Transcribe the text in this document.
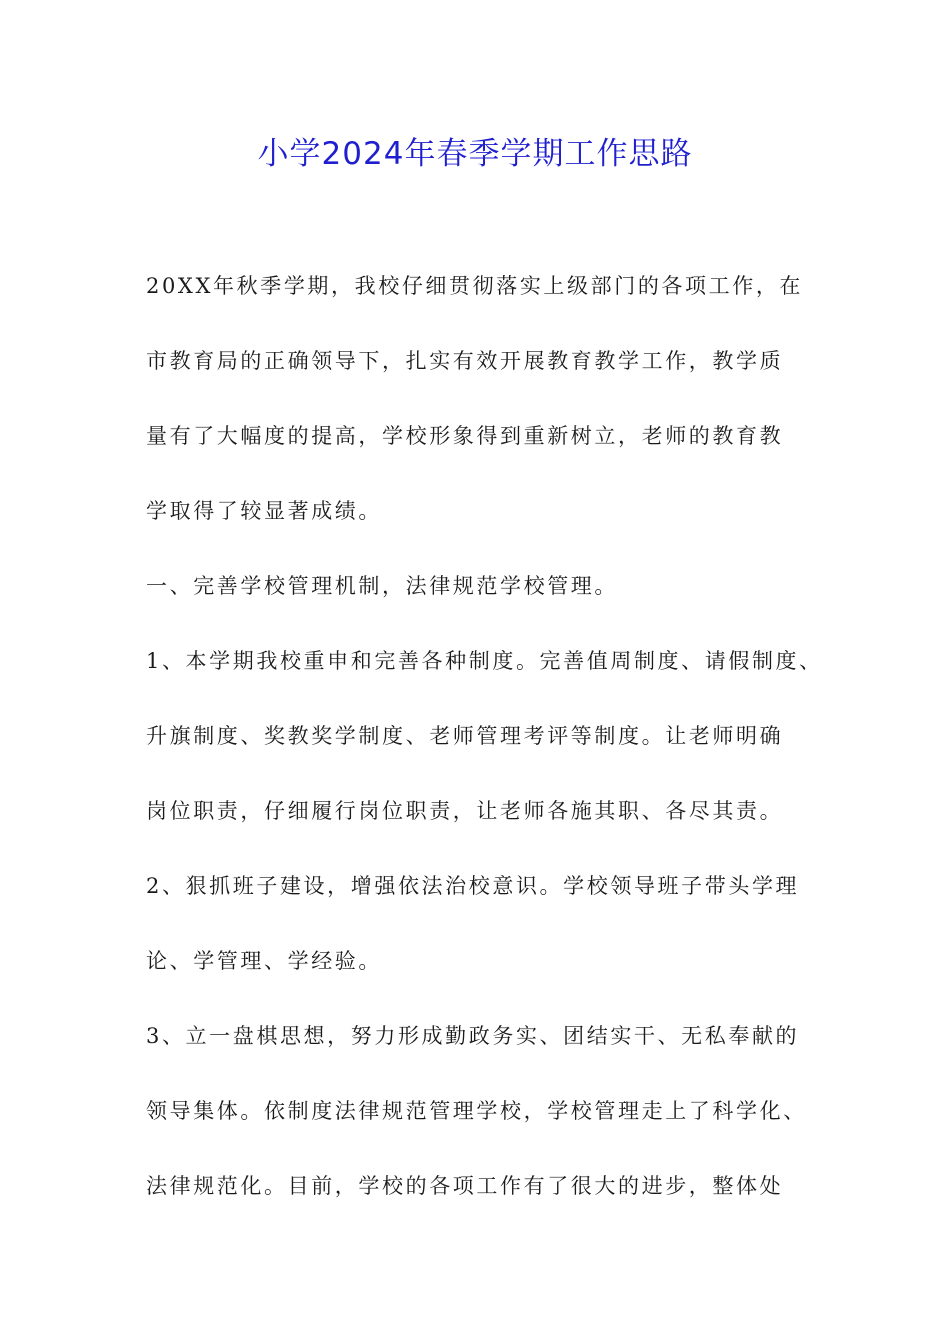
小学2024年春季学期工作思路

20XX年秋季学期，我校仔细贯彻落实上级部门的各项工作，在

市教育局的正确领导下，扎实有效开展教育教学工作，教学质

量有了大幅度的提高，学校形象得到重新树立，老师的教育教

学取得了较显著成绩。

一、完善学校管理机制，法律规范学校管理。

1、本学期我校重申和完善各种制度。完善值周制度、请假制度、

升旗制度、奖教奖学制度、老师管理考评等制度。让老师明确

岗位职责，仔细履行岗位职责，让老师各施其职、各尽其责。

2、狠抓班子建设，增强依法治校意识。学校领导班子带头学理

论、学管理、学经验。

3、立一盘棋思想，努力形成勤政务实、团结实干、无私奉献的

领导集体。依制度法律规范管理学校，学校管理走上了科学化、

法律规范化。目前，学校的各项工作有了很大的进步，整体处
